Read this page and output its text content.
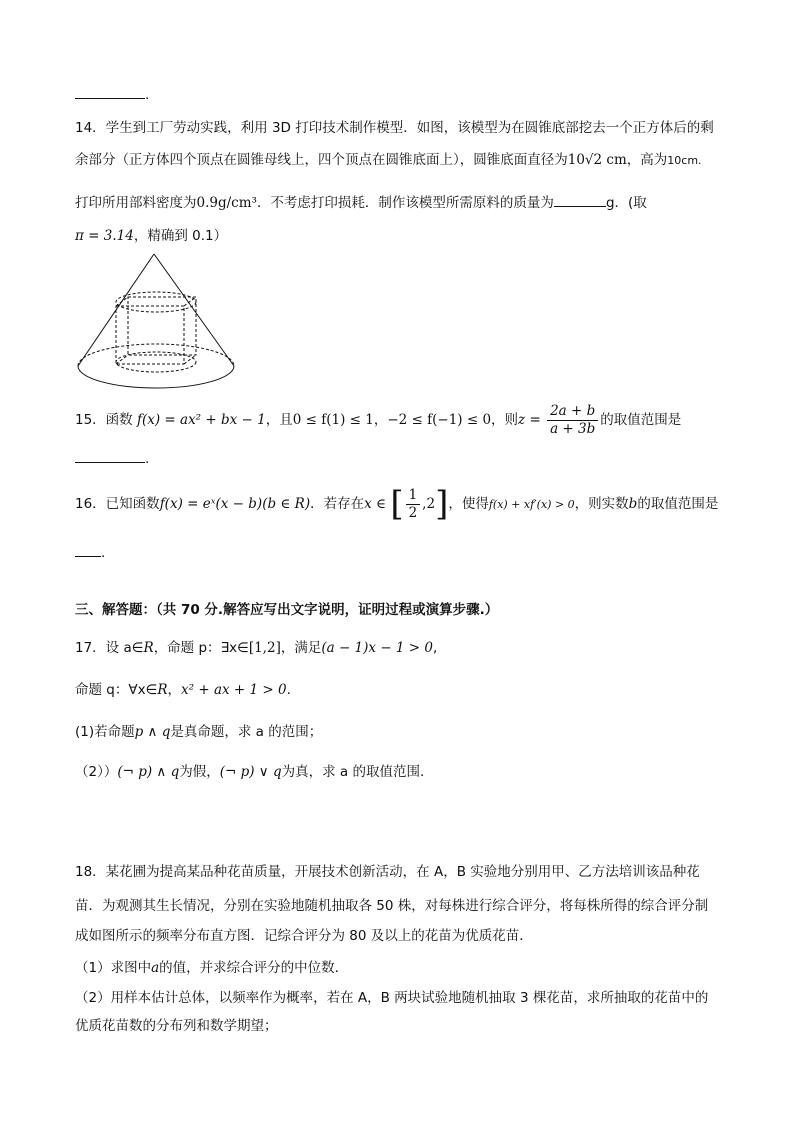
.
14．学生到工厂劳动实践，利用 3D 打印技术制作模型．如图，该模型为在圆锥底部挖去一个正方体后的剩
余部分（正方体四个顶点在圆锥母线上，四个顶点在圆锥底面上），圆锥底面直径为10√2 cm，高为10cm.
打印所用部料密度为0.9g/cm³．不考虑打印损耗．制作该模型所需原料的质量为	g．(取
π = 3.14，精确到 0.1）
15．函数 f(x) = ax² + bx − 1，且0 ≤ f(1) ≤ 1，−2 ≤ f(−1) ≤ 0，则$z = \frac{2a + b}{a + 3b}$ 的取值范围是
.
16．已知函数f(x) = eˣ(x − b)(b ∈ R)．若存在x ∈ [ $\frac{1}{2} ,2$]，使得f(x) + xf′(x) > 0，则实数b的取值范围是
.
三、解答题：（共 70 分.解答应写出文字说明，证明过程或演算步骤.）
17．设 a∈R，命题 p：∃x∈[1,2]，满足(a − 1)x − 1 > 0,
命题 q：∀x∈R，x² + ax + 1 > 0.
(1)若命题p ∧ q是真命题，求 a 的范围；
（2））(¬ p) ∧ q为假，(¬ p) ∨ q为真，求 a 的取值范围.
18．某花圃为提高某品种花苗质量，开展技术创新活动，在 A，B 实验地分别用甲、乙方法培训该品种花
苗．为观测其生长情况，分别在实验地随机抽取各 50 株，对每株进行综合评分，将每株所得的综合评分制
成如图所示的频率分布直方图．记综合评分为 80 及以上的花苗为优质花苗．
（1）求图中a的值，并求综合评分的中位数．
（2）用样本估计总体，以频率作为概率，若在 A，B 两块试验地随机抽取 3 棵花苗，求所抽取的花苗中的
优质花苗数的分布列和数学期望；
